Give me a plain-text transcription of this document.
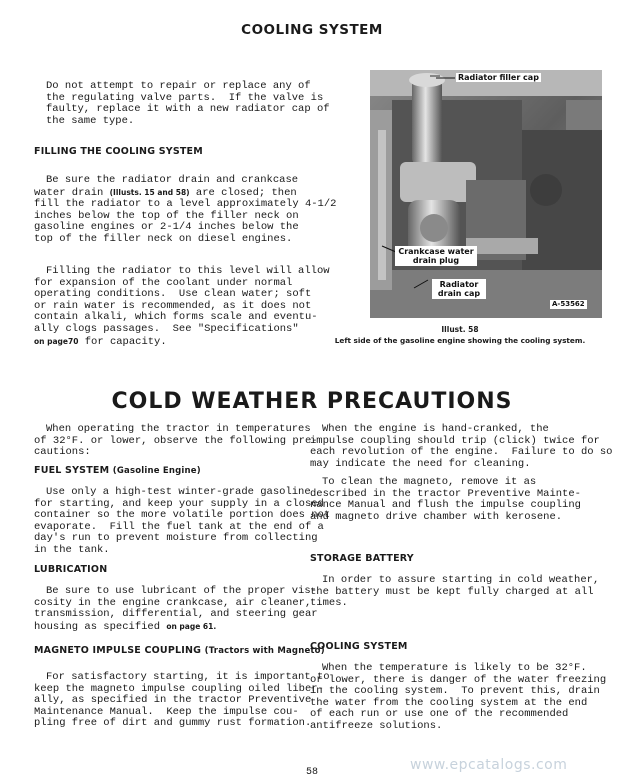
COOLING SYSTEM
Do not attempt to repair or replace any of
the regulating valve parts.  If the valve is
faulty, replace it with a new radiator cap of
the same type.
FILLING THE COOLING SYSTEM
Be sure the radiator drain and crankcase
water drain (Illusts. 15 and 58) are closed; then
fill the radiator to a level approximately 4-1/2
inches below the top of the filler neck on
gasoline engines or 2-1/4 inches below the
top of the filler neck on diesel engines.
Filling the radiator to this level will allow
for expansion of the coolant under normal
operating conditions.  Use clean water; soft
or rain water is recommended, as it does not
contain alkali, which forms scale and eventu-
ally clogs passages.  See "Specifications"
on page70 for capacity.
Radiator filler cap
Crankcase water
drain plug
Radiator
drain cap
A-53562
Illust. 58
Left side of the gasoline engine showing the cooling system.
COLD WEATHER PRECAUTIONS
When operating the tractor in temperatures
of 32°F. or lower, observe the following pre-
cautions:
FUEL SYSTEM (Gasoline Engine)
Use only a high-test winter-grade gasoline
for starting, and keep your supply in a closed
container so the more volatile portion does not
evaporate.  Fill the fuel tank at the end of a
day's run to prevent moisture from collecting
in the tank.
LUBRICATION
Be sure to use lubricant of the proper vis-
cosity in the engine crankcase, air cleaner,
transmission, differential, and steering gear
housing as specified on page 61.
MAGNETO IMPULSE COUPLING (Tractors with Magneto)
For satisfactory starting, it is important to
keep the magneto impulse coupling oiled liber-
ally, as specified in the tractor Preventive
Maintenance Manual.  Keep the impulse cou-
pling free of dirt and gummy rust formation.
When the engine is hand-cranked, the
impulse coupling should trip (click) twice for
each revolution of the engine.  Failure to do so
may indicate the need for cleaning.
To clean the magneto, remove it as
described in the tractor Preventive Mainte-
nance Manual and flush the impulse coupling
and magneto drive chamber with kerosene.
STORAGE BATTERY
In order to assure starting in cold weather,
the battery must be kept fully charged at all
times.
COOLING SYSTEM
When the temperature is likely to be 32°F.
or lower, there is danger of the water freezing
in the cooling system.  To prevent this, drain
the water from the cooling system at the end
of each run or use one of the recommended
antifreeze solutions.
www.epcatalogs.com
58
